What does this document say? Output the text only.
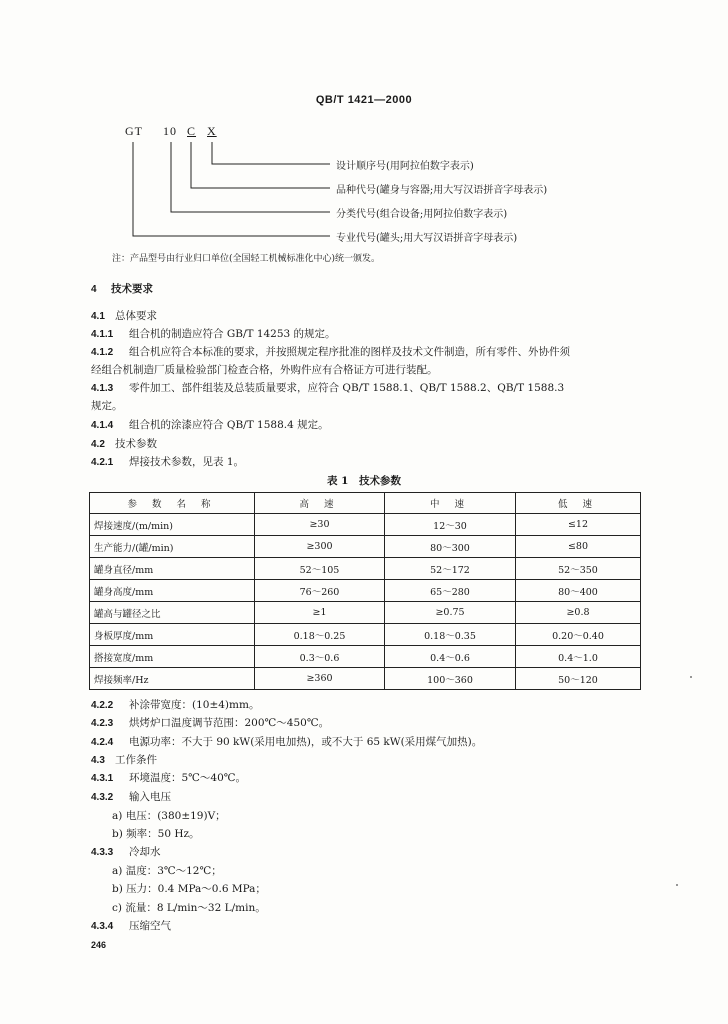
QB/T 1421—2000
GT 10 C X
设计顺序号(用阿拉伯数字表示)
品种代号(罐身与容器;用大写汉语拼音字母表示)
分类代号(组合设备;用阿拉伯数字表示)
专业代号(罐头;用大写汉语拼音字母表示)
注：产品型号由行业归口单位(全国轻工机械标准化中心)统一颁发。
4 技术要求
4.1 总体要求
4.1.1 组合机的制造应符合 GB/T 14253 的规定。
4.1.2 组合机应符合本标准的要求，并按照规定程序批准的图样及技术文件制造，所有零件、外协件须
经组合机制造厂质量检验部门检查合格，外购件应有合格证方可进行装配。
4.1.3 零件加工、部件组装及总装质量要求，应符合 QB/T 1588.1、QB/T 1588.2、QB/T 1588.3
规定。
4.1.4 组合机的涂漆应符合 QB/T 1588.4 规定。
4.2 技术参数
4.2.1 焊接技术参数，见表 1。
表 1　技术参数
参 数 名 称	高 速	中 速	低 速
焊接速度/(m/min)	≥30	12～30	≤12
生产能力/(罐/min)	≥300	80～300	≤80
罐身直径/mm	52～105	52～172	52～350
罐身高度/mm	76～260	65～280	80～400
罐高与罐径之比	≥1	≥0.75	≥0.8
身板厚度/mm	0.18～0.25	0.18～0.35	0.20～0.40
搭接宽度/mm	0.3～0.6	0.4～0.6	0.4～1.0
焊接频率/Hz	≥360	100～360	50～120
4.2.2 补涂带宽度：(10±4)mm。
4.2.3 烘烤炉口温度调节范围：200℃～450℃。
4.2.4 电源功率：不大于 90 kW(采用电加热)，或不大于 65 kW(采用煤气加热)。
4.3 工作条件
4.3.1 环境温度：5℃～40℃。
4.3.2 输入电压
a) 电压：(380±19)V；
b) 频率：50 Hz。
4.3.3 冷却水
a) 温度：3℃～12℃；
b) 压力：0.4 MPa～0.6 MPa；
c) 流量：8 L/min～32 L/min。
4.3.4 压缩空气
246
